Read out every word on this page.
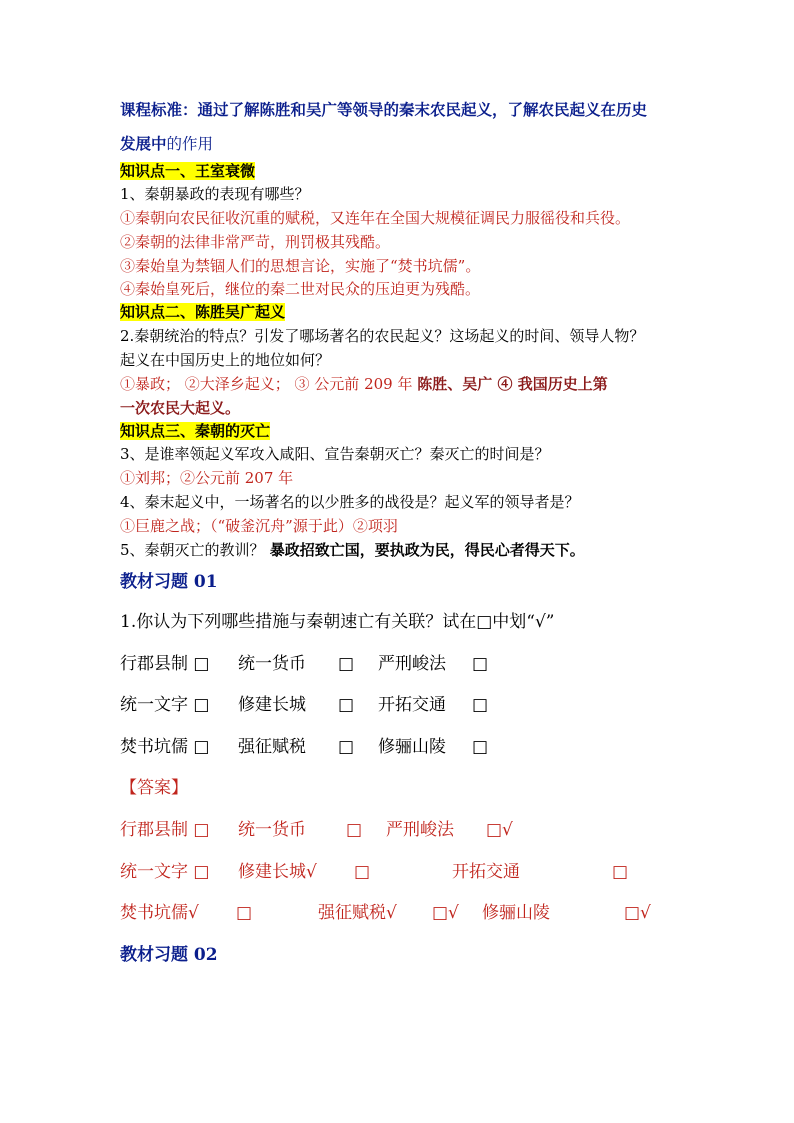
课程标准：通过了解陈胜和吴广等领导的秦末农民起义，了解农民起义在历史
发展中的作用
知识点一、王室衰微
1、秦朝暴政的表现有哪些？
①秦朝向农民征收沉重的赋税，又连年在全国大规模征调民力服徭役和兵役。
②秦朝的法律非常严苛，刑罚极其残酷。
③秦始皇为禁锢人们的思想言论，实施了“焚书坑儒”。
④秦始皇死后，继位的秦二世对民众的压迫更为残酷。
知识点二、陈胜吴广起义
2.秦朝统治的特点？引发了哪场著名的农民起义？这场起义的时间、领导人物？
起义在中国历史上的地位如何？
①暴政； ②大泽乡起义； ③ 公元前 209 年 陈胜、吴广 ④ 我国历史上第
一次农民大起义。
知识点三、秦朝的灭亡
3、是谁率领起义军攻入咸阳、宣告秦朝灭亡？秦灭亡的时间是？
①刘邦；②公元前 207 年
4、秦末起义中，一场著名的以少胜多的战役是？起义军的领导者是？
①巨鹿之战；（“破釜沉舟”源于此）②项羽
5、秦朝灭亡的教训？ 暴政招致亡国，要执政为民，得民心者得天下。
教材习题 01
1.你认为下列哪些措施与秦朝速亡有关联？试在□中划“√”
行郡县制 □ 统一货币 □ 严刑峻法 □
统一文字 □ 修建长城 □ 开拓交通 □
焚书坑儒 □ 强征赋税 □ 修骊山陵 □
【答案】
行郡县制 □ 统一货币 □ 严刑峻法 □√
统一文字 □ 修建长城√ □	开拓交通	□
焚书坑儒√ □	强征赋税√ □√ 修骊山陵	□√
教材习题 02
